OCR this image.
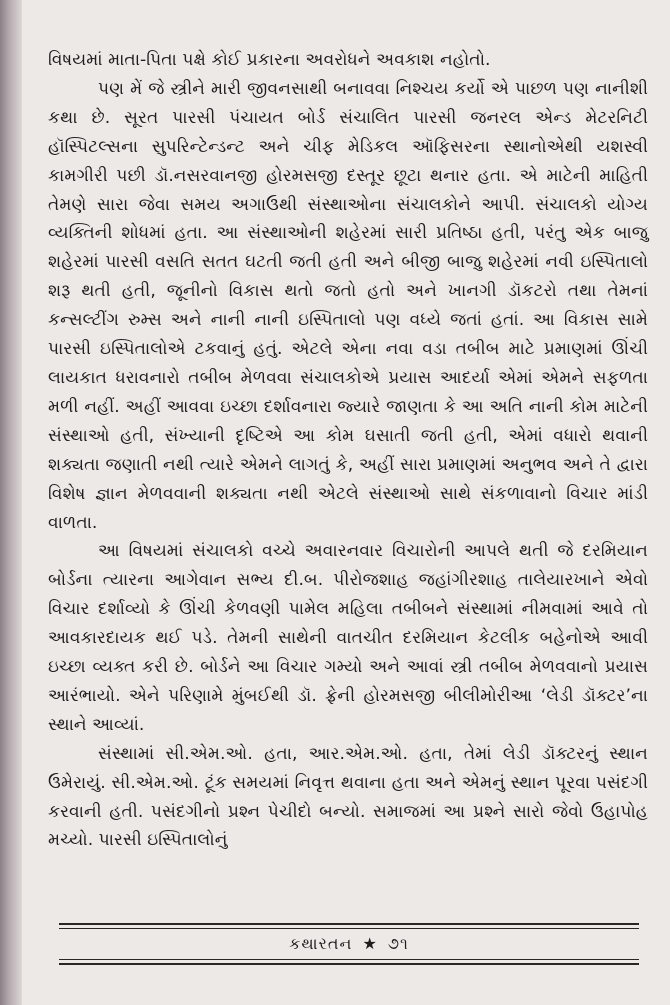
વિષયમાં માતા-પિતા પક્ષે કોઈ પ્રકારના અવરોધને અવકાશ નહોતો.

પણ મેં જે સ્ત્રીને મારી જીવનસાથી બનાવવા નિશ્ચય કર્યો એ પાછળ પણ નાનીશી કથા છે. સૂરત પારસી પંચાયત બોર્ડ સંચાલિત પારસી જનરલ એન્ડ મેટરનિટી હૉસ્પિટલ્સના સુપરિન્ટેન્ડન્ટ અને ચીફ મેડિકલ ઑફિસરના સ્થાનોએથી યશસ્વી કામગીરી પછી ડૉ.નસરવાનજી હોરમસજી દસ્તૂર છૂટા થનાર હતા. એ માટેની માહિતી તેમણે સારા જેવા સમય અગાઉથી સંસ્થાઓના સંચાલકોને આપી. સંચાલકો યોગ્ય વ્યક્તિની શોધમાં હતા. આ સંસ્થાઓની શહેરમાં સારી પ્રતિષ્ઠા હતી, પરંતુ એક બાજુ શહેરમાં પારસી વસતિ સતત ઘટતી જતી હતી અને બીજી બાજુ શહેરમાં નવી ઇસ્પિતાલો શરૂ થતી હતી, જૂનીનો વિકાસ થતો જતો હતો અને ખાનગી ડૉકટરો તથા તેમનાં કન્સલ્ટીંગ રુમ્સ અને નાની નાની ઇસ્પિતાલો પણ વધ્યે જતાં હતાં. આ વિકાસ સામે પારસી ઇસ્પિતાલોએ ટકવાનું હતું. એટલે એના નવા વડા તબીબ માટે પ્રમાણમાં ઊંચી લાયકાત ધરાવનારો તબીબ મેળવવા સંચાલકોએ પ્રયાસ આદર્યા એમાં એમને સફળતા મળી નહીં. અહીં આવવા ઇચ્છા દર્શાવનારા જ્યારે જાણતા કે આ અતિ નાની કોમ માટેની સંસ્થાઓ હતી, સંખ્યાની દૃષ્ટિએ આ કોમ ઘસાતી જતી હતી, એમાં વધારો થવાની શક્યતા જણાતી નથી ત્યારે એમને લાગતું કે, અહીં સારા પ્રમાણમાં અનુભવ અને તે દ્વારા વિશેષ જ્ઞાન મેળવવાની શક્યતા નથી એટલે સંસ્થાઓ સાથે સંકળાવાનો વિચાર માંડી વાળતા.

આ વિષયમાં સંચાલકો વચ્ચે અવારનવાર વિચારોની આપલે થતી જે દરમિયાન બોર્ડના ત્યારના આગેવાન સભ્ય દી.બ. પીરોજશાહ જહાંગીરશાહ તાલેયારખાને એવો વિચાર દર્શાવ્યો કે ઊંચી કેળવણી પામેલ મહિલા તબીબને સંસ્થામાં નીમવામાં આવે તો આવકારદાયક થઈ પડે. તેમની સાથેની વાતચીત દરમિયાન કેટલીક બહેનોએ આવી ઇચ્છા વ્યક્ત કરી છે. બોર્ડને આ વિચાર ગમ્યો અને આવાં સ્ત્રી તબીબ મેળવવાનો પ્રયાસ આરંભાયો. એને પરિણામે મુંબઈથી ડૉ. ફ્રેની હોરમસજી બીલીમોરીઆ ‘લેડી ડૉક્ટર’ના સ્થાને આવ્યાં.

સંસ્થામાં સી.એમ.ઓ. હતા, આર.એમ.ઓ. હતા, તેમાં લેડી ડૉક્ટરનું સ્થાન ઉમેરાયું. સી.એમ.ઓ. ટૂંક સમયમાં નિવૃત્ત થવાના હતા અને એમનું સ્થાન પૂરવા પસંદગી કરવાની હતી. પસંદગીનો પ્રશ્ન પેચીદો બન્યો. સમાજમાં આ પ્રશ્ને સારો જેવો ઉહાપોહ મચ્યો. પારસી ઇસ્પિતાલોનું

કથારતન ★ ૭૧
